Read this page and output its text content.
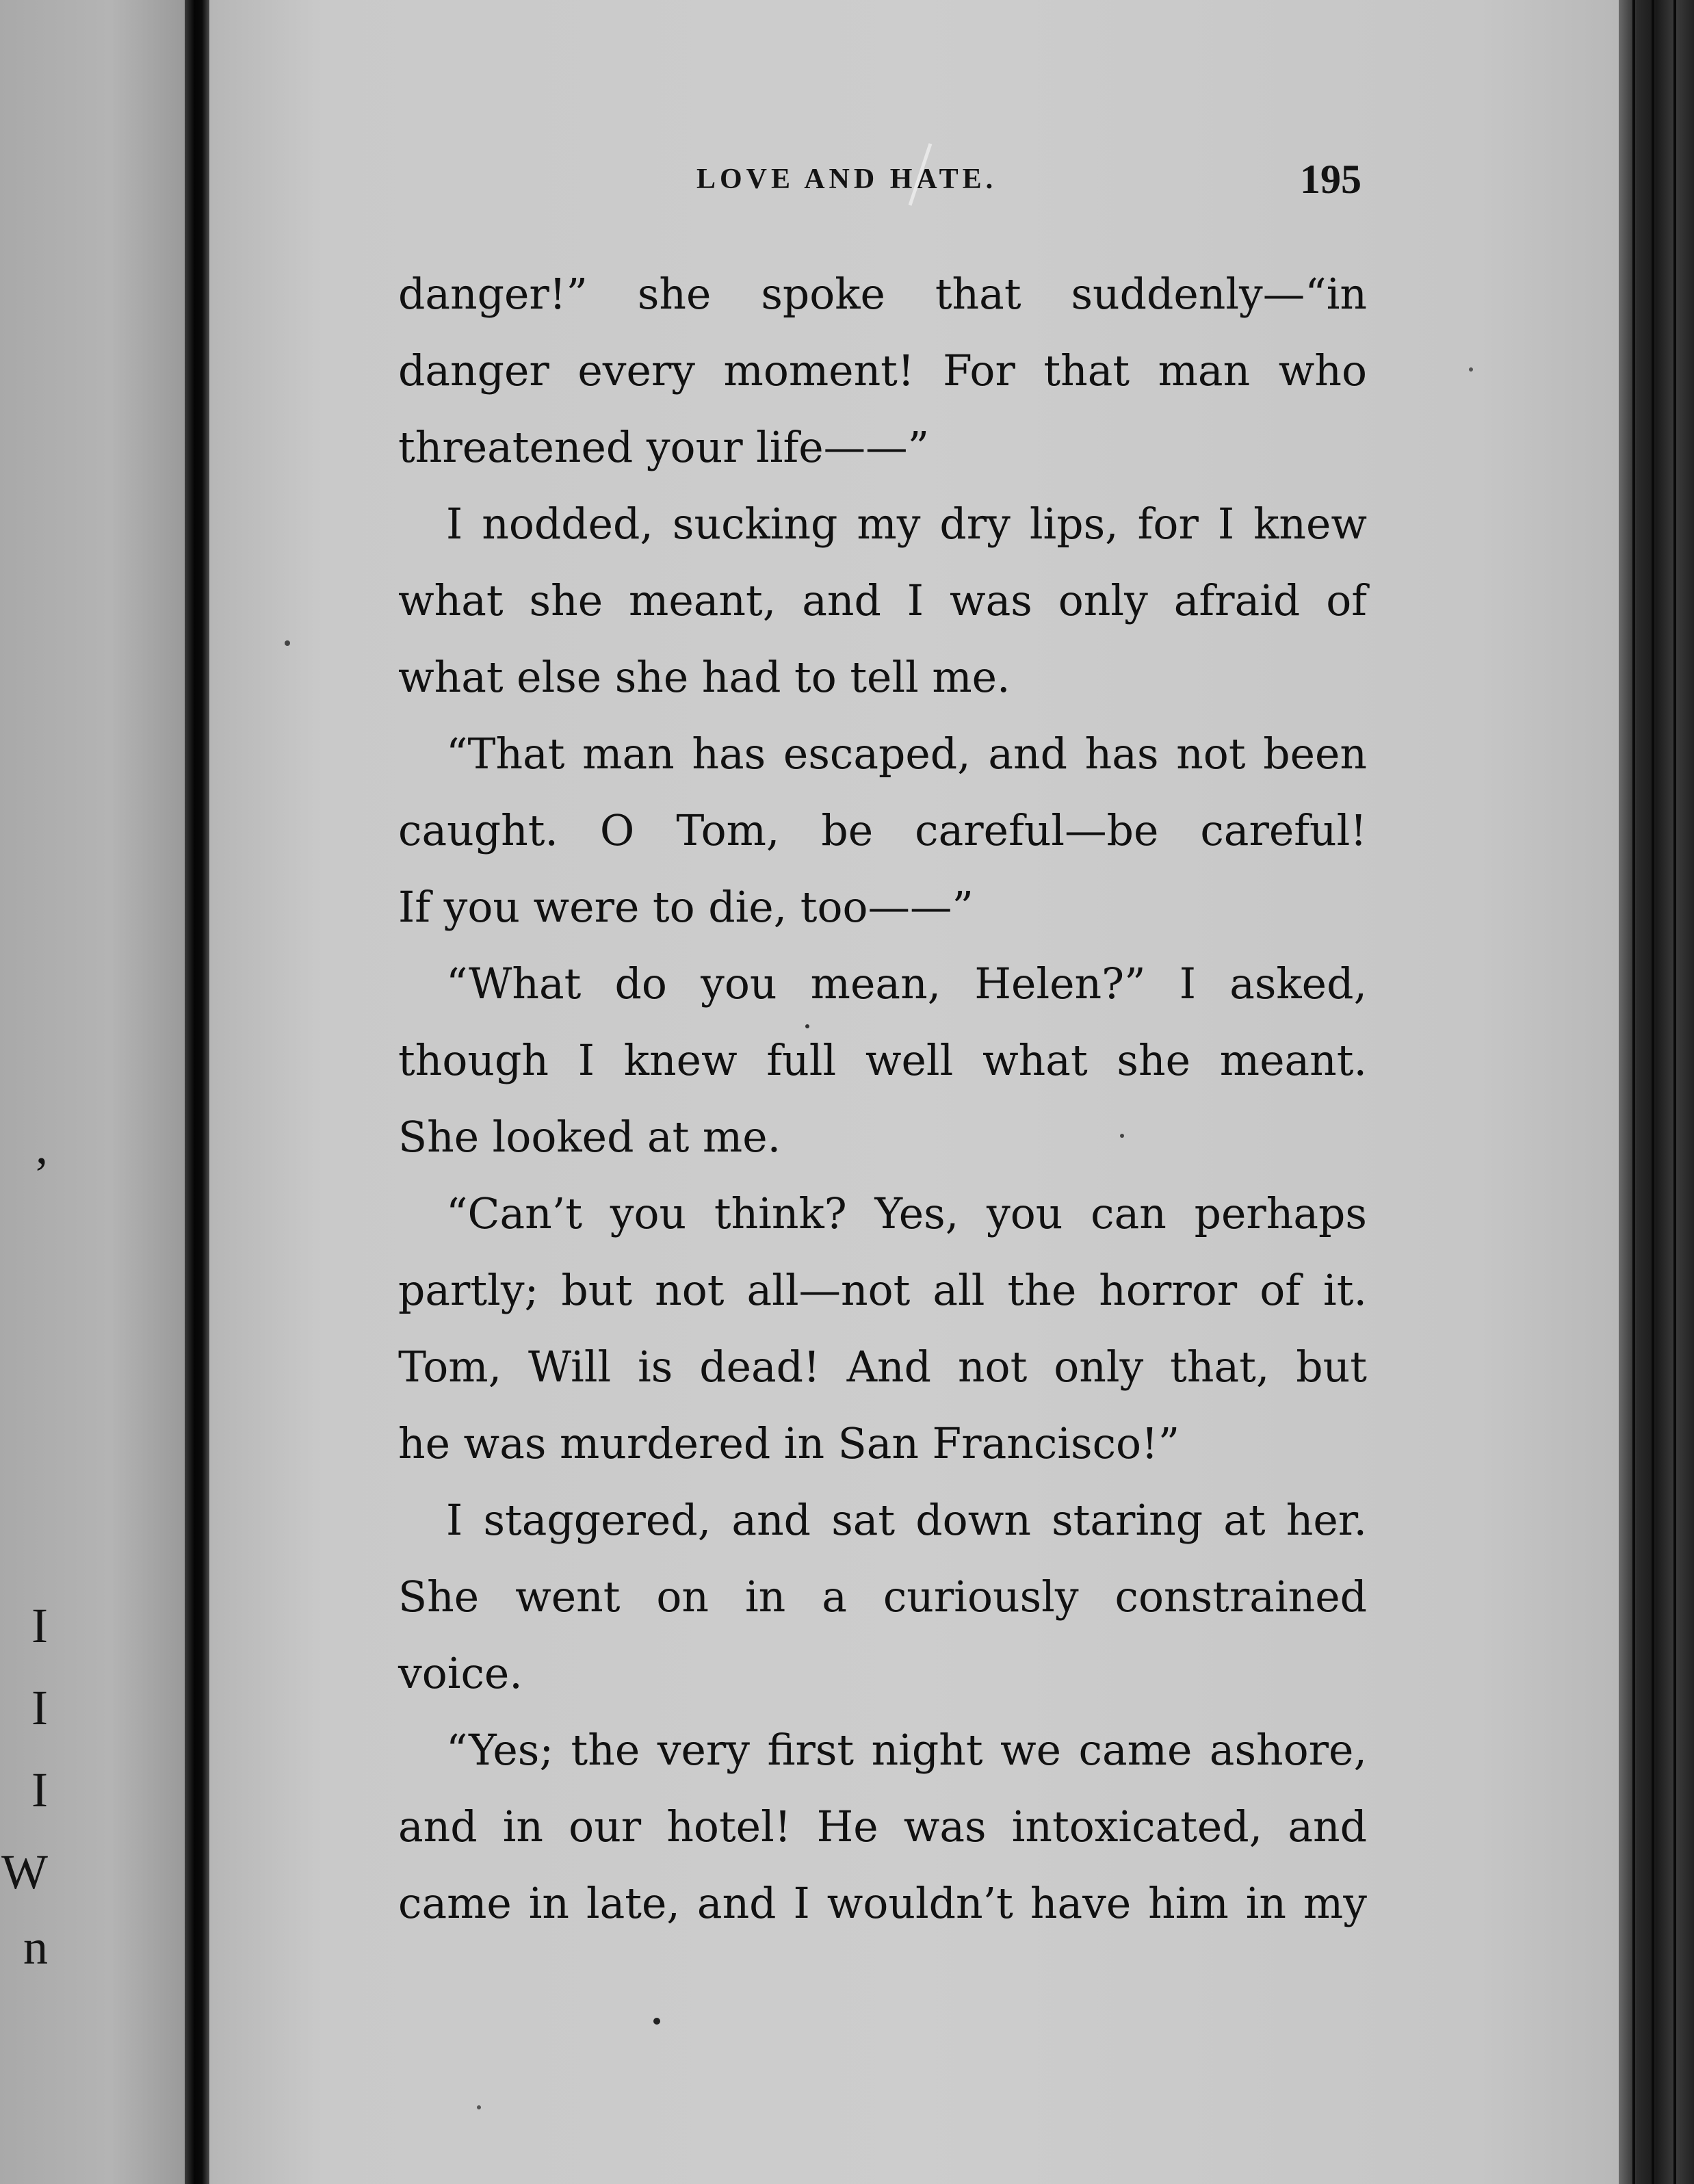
,
I
I
I
W
n
LOVE AND HATE.	195
danger!” she spoke that suddenly—“in
danger every moment! For that man who
threatened your life——”
I nodded, sucking my dry lips, for I knew
what she meant, and I was only afraid of
what else she had to tell me.
“That man has escaped, and has not been
caught. O Tom, be careful—be careful!
If you were to die, too——”
“What do you mean, Helen?” I asked,
though I knew full well what she meant.
She looked at me.
“Can’t you think? Yes, you can perhaps
partly; but not all—not all the horror of it.
Tom, Will is dead! And not only that, but
he was murdered in San Francisco!”
I staggered, and sat down staring at her.
She went on in a curiously constrained
voice.
“Yes; the very first night we came ashore,
and in our hotel! He was intoxicated, and
came in late, and I wouldn’t have him in my
